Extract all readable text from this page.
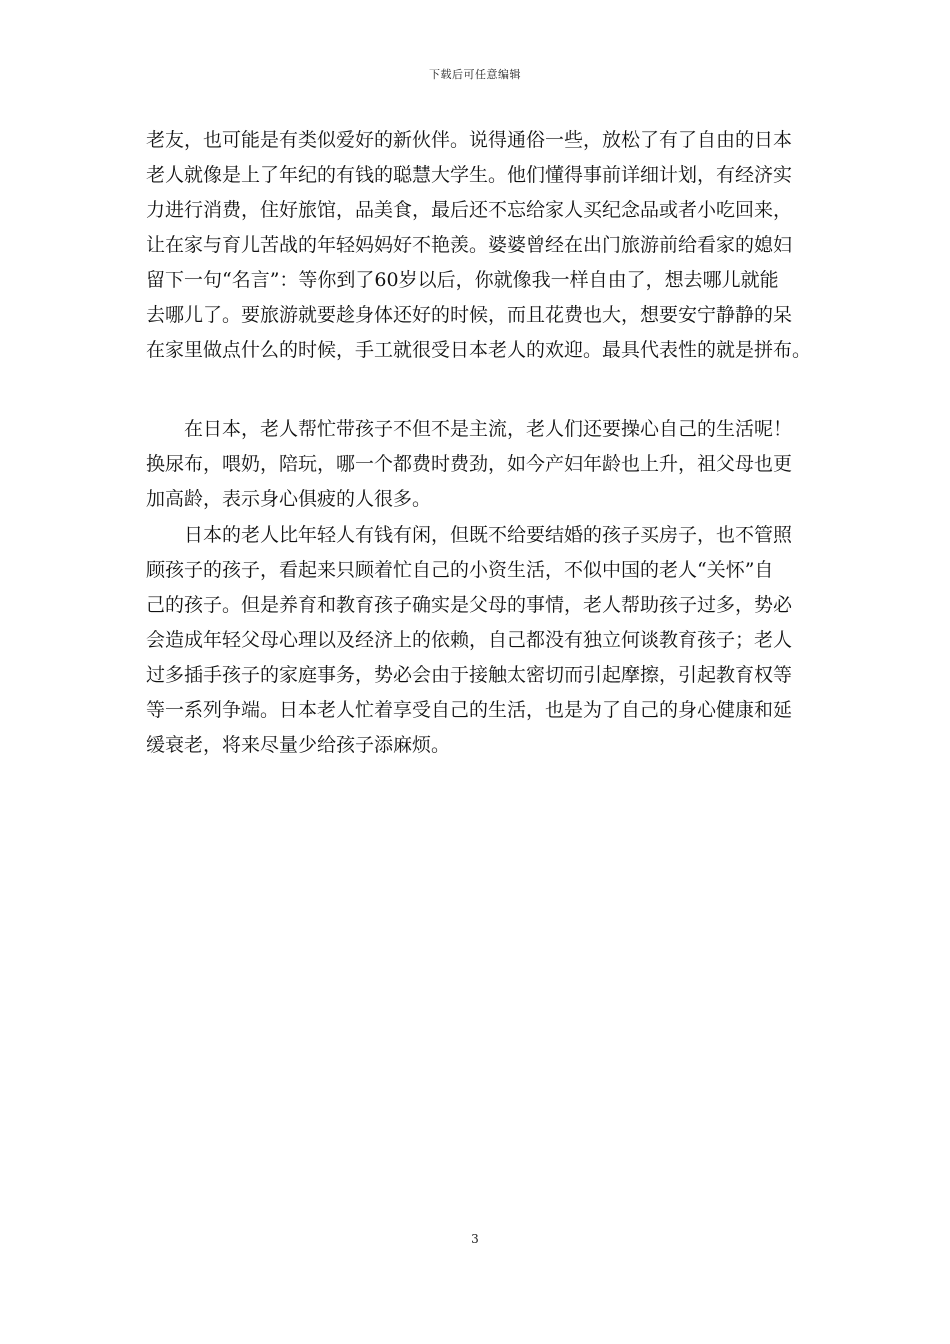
下载后可任意编辑
老友，也可能是有类似爱好的新伙伴。说得通俗一些，放松了有了自由的日本
老人就像是上了年纪的有钱的聪慧大学生。他们懂得事前详细计划，有经济实
力进行消费，住好旅馆，品美食，最后还不忘给家人买纪念品或者小吃回来，
让在家与育儿苦战的年轻妈妈好不艳羡。婆婆曾经在出门旅游前给看家的媳妇
留下一句“名言”：等你到了60岁以后，你就像我一样自由了，想去哪儿就能
去哪儿了。要旅游就要趁身体还好的时候，而且花费也大，想要安宁静静的呆
在家里做点什么的时候，手工就很受日本老人的欢迎。最具代表性的就是拼布。
在日本，老人帮忙带孩子不但不是主流，老人们还要操心自己的生活呢！
换尿布，喂奶，陪玩，哪一个都费时费劲，如今产妇年龄也上升，祖父母也更
加高龄，表示身心俱疲的人很多。
日本的老人比年轻人有钱有闲，但既不给要结婚的孩子买房子，也不管照
顾孩子的孩子，看起来只顾着忙自己的小资生活，不似中国的老人“关怀”自
己的孩子。但是养育和教育孩子确实是父母的事情，老人帮助孩子过多，势必
会造成年轻父母心理以及经济上的依赖，自己都没有独立何谈教育孩子；老人
过多插手孩子的家庭事务，势必会由于接触太密切而引起摩擦，引起教育权等
等一系列争端。日本老人忙着享受自己的生活，也是为了自己的身心健康和延
缓衰老，将来尽量少给孩子添麻烦。
3
